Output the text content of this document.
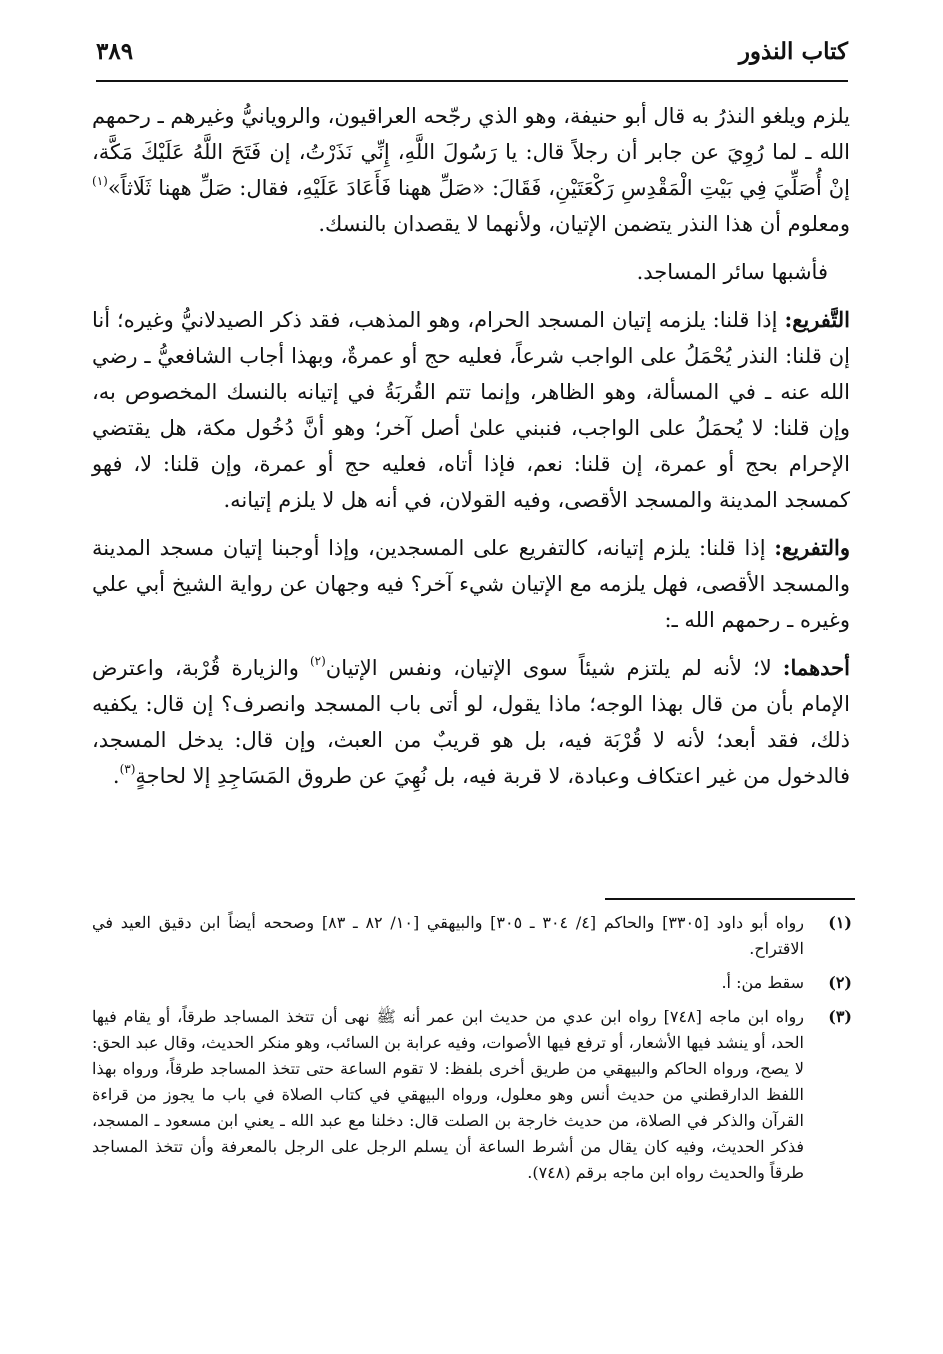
كتاب النذور
٣٨٩

يلزم ويلغو النذرُ به قال أبو حنيفة، وهو الذي رجّحه العراقيون، والرويانيُّ وغيرهم ـ رحمهم الله ـ لما رُوِيَ عن جابر أن رجلاً قال: يا رَسُولَ اللَّهِ، إِنِّي نَذَرْتُ، إن فَتَحَ اللَّهُ عَلَيْكَ مَكَّة، إنْ أُصَلِّيَ فِي بَيْتِ الْمَقْدِسِ رَكْعَتَيْنِ، فَقَالَ: «صَلِّ ههنا فَأَعَادَ عَلَيْهِ، فقال: صَلِّ ههنا ثَلَاثاً»$^{(١)}$ ومعلوم أن هذا النذر يتضمن الإتيان، ولأنهما لا يقصدان بالنسك.

فأشبها سائر المساجد.

التَّفريع: إذا قلنا: يلزمه إتيان المسجد الحرام، وهو المذهب، فقد ذكر الصيدلانيُّ وغيره؛ أنا إن قلنا: النذر يُحْمَلُ على الواجب شرعاً، فعليه حج أو عمرةٌ، وبهذا أجاب الشافعيُّ ـ رضي الله عنه ـ في المسألة، وهو الظاهر، وإنما تتم القُربَةُ في إتيانه بالنسك المخصوص به، وإن قلنا: لا يُحمَلُ على الواجب، فنبني علىٰ أصل آخر؛ وهو أنَّ دُخُول مكة، هل يقتضي الإحرام بحج أو عمرة، إن قلنا: نعم، فإذا أتاه، فعليه حج أو عمرة، وإن قلنا: لا، فهو كمسجد المدينة والمسجد الأقصى، وفيه القولان، في أنه هل لا يلزم إتيانه.

والتفريع: إذا قلنا: يلزم إتيانه، كالتفريع على المسجدين، وإذا أوجبنا إتيان مسجد المدينة والمسجد الأقصى، فهل يلزمه مع الإتيان شيء آخر؟ فيه وجهان عن رواية الشيخ أبي علي وغيره ـ رحمهم الله ـ:

أحدهما: لا؛ لأنه لم يلتزم شيئاً سوى الإتيان، ونفس الإتيان$^{(٢)}$ والزيارة قُرْبة، واعترض الإمام بأن من قال بهذا الوجه؛ ماذا يقول، لو أتى باب المسجد وانصرف؟ إن قال: يكفيه ذلك، فقد أبعد؛ لأنه لا قُرْبَة فيه، بل هو قريبٌ من العبث، وإن قال: يدخل المسجد، فالدخول من غير اعتكاف وعبادة، لا قربة فيه، بل نُهِيَ عن طروق المَسَاجِدِ إلا لحاجةٍ$^{(٣)}$.

(١)
رواه أبو داود [٣٣٠٥] والحاكم [٤/ ٣٠٤ ـ ٣٠٥] والبيهقي [١٠/ ٨٢ ـ ٨٣] وصححه أيضاً ابن دقيق العيد في الاقتراح.
(٢)
سقط من: أ.
(٣)
رواه ابن ماجه [٧٤٨] رواه ابن عدي من حديث ابن عمر أنه ﷺ نهى أن تتخذ المساجد طرقاً، أو يقام فيها الحد، أو ينشد فيها الأشعار، أو ترفع فيها الأصوات، وفيه عرابة بن السائب، وهو منكر الحديث، وقال عبد الحق: لا يصح، ورواه الحاكم والبيهقي من طريق أخرى بلفظ: لا تقوم الساعة حتى تتخذ المساجد طرقاً، ورواه بهذا اللفظ الدارقطني من حديث أنس وهو معلول، ورواه البيهقي في كتاب الصلاة في باب ما يجوز من قراءة القرآن والذكر في الصلاة، من حديث خارجة بن الصلت قال: دخلنا مع عبد الله ـ يعني ابن مسعود ـ المسجد، فذكر الحديث، وفيه كان يقال من أشرط الساعة أن يسلم الرجل على الرجل بالمعرفة وأن تتخذ المساجد طرقاً والحديث رواه ابن ماجه برقم (٧٤٨).
